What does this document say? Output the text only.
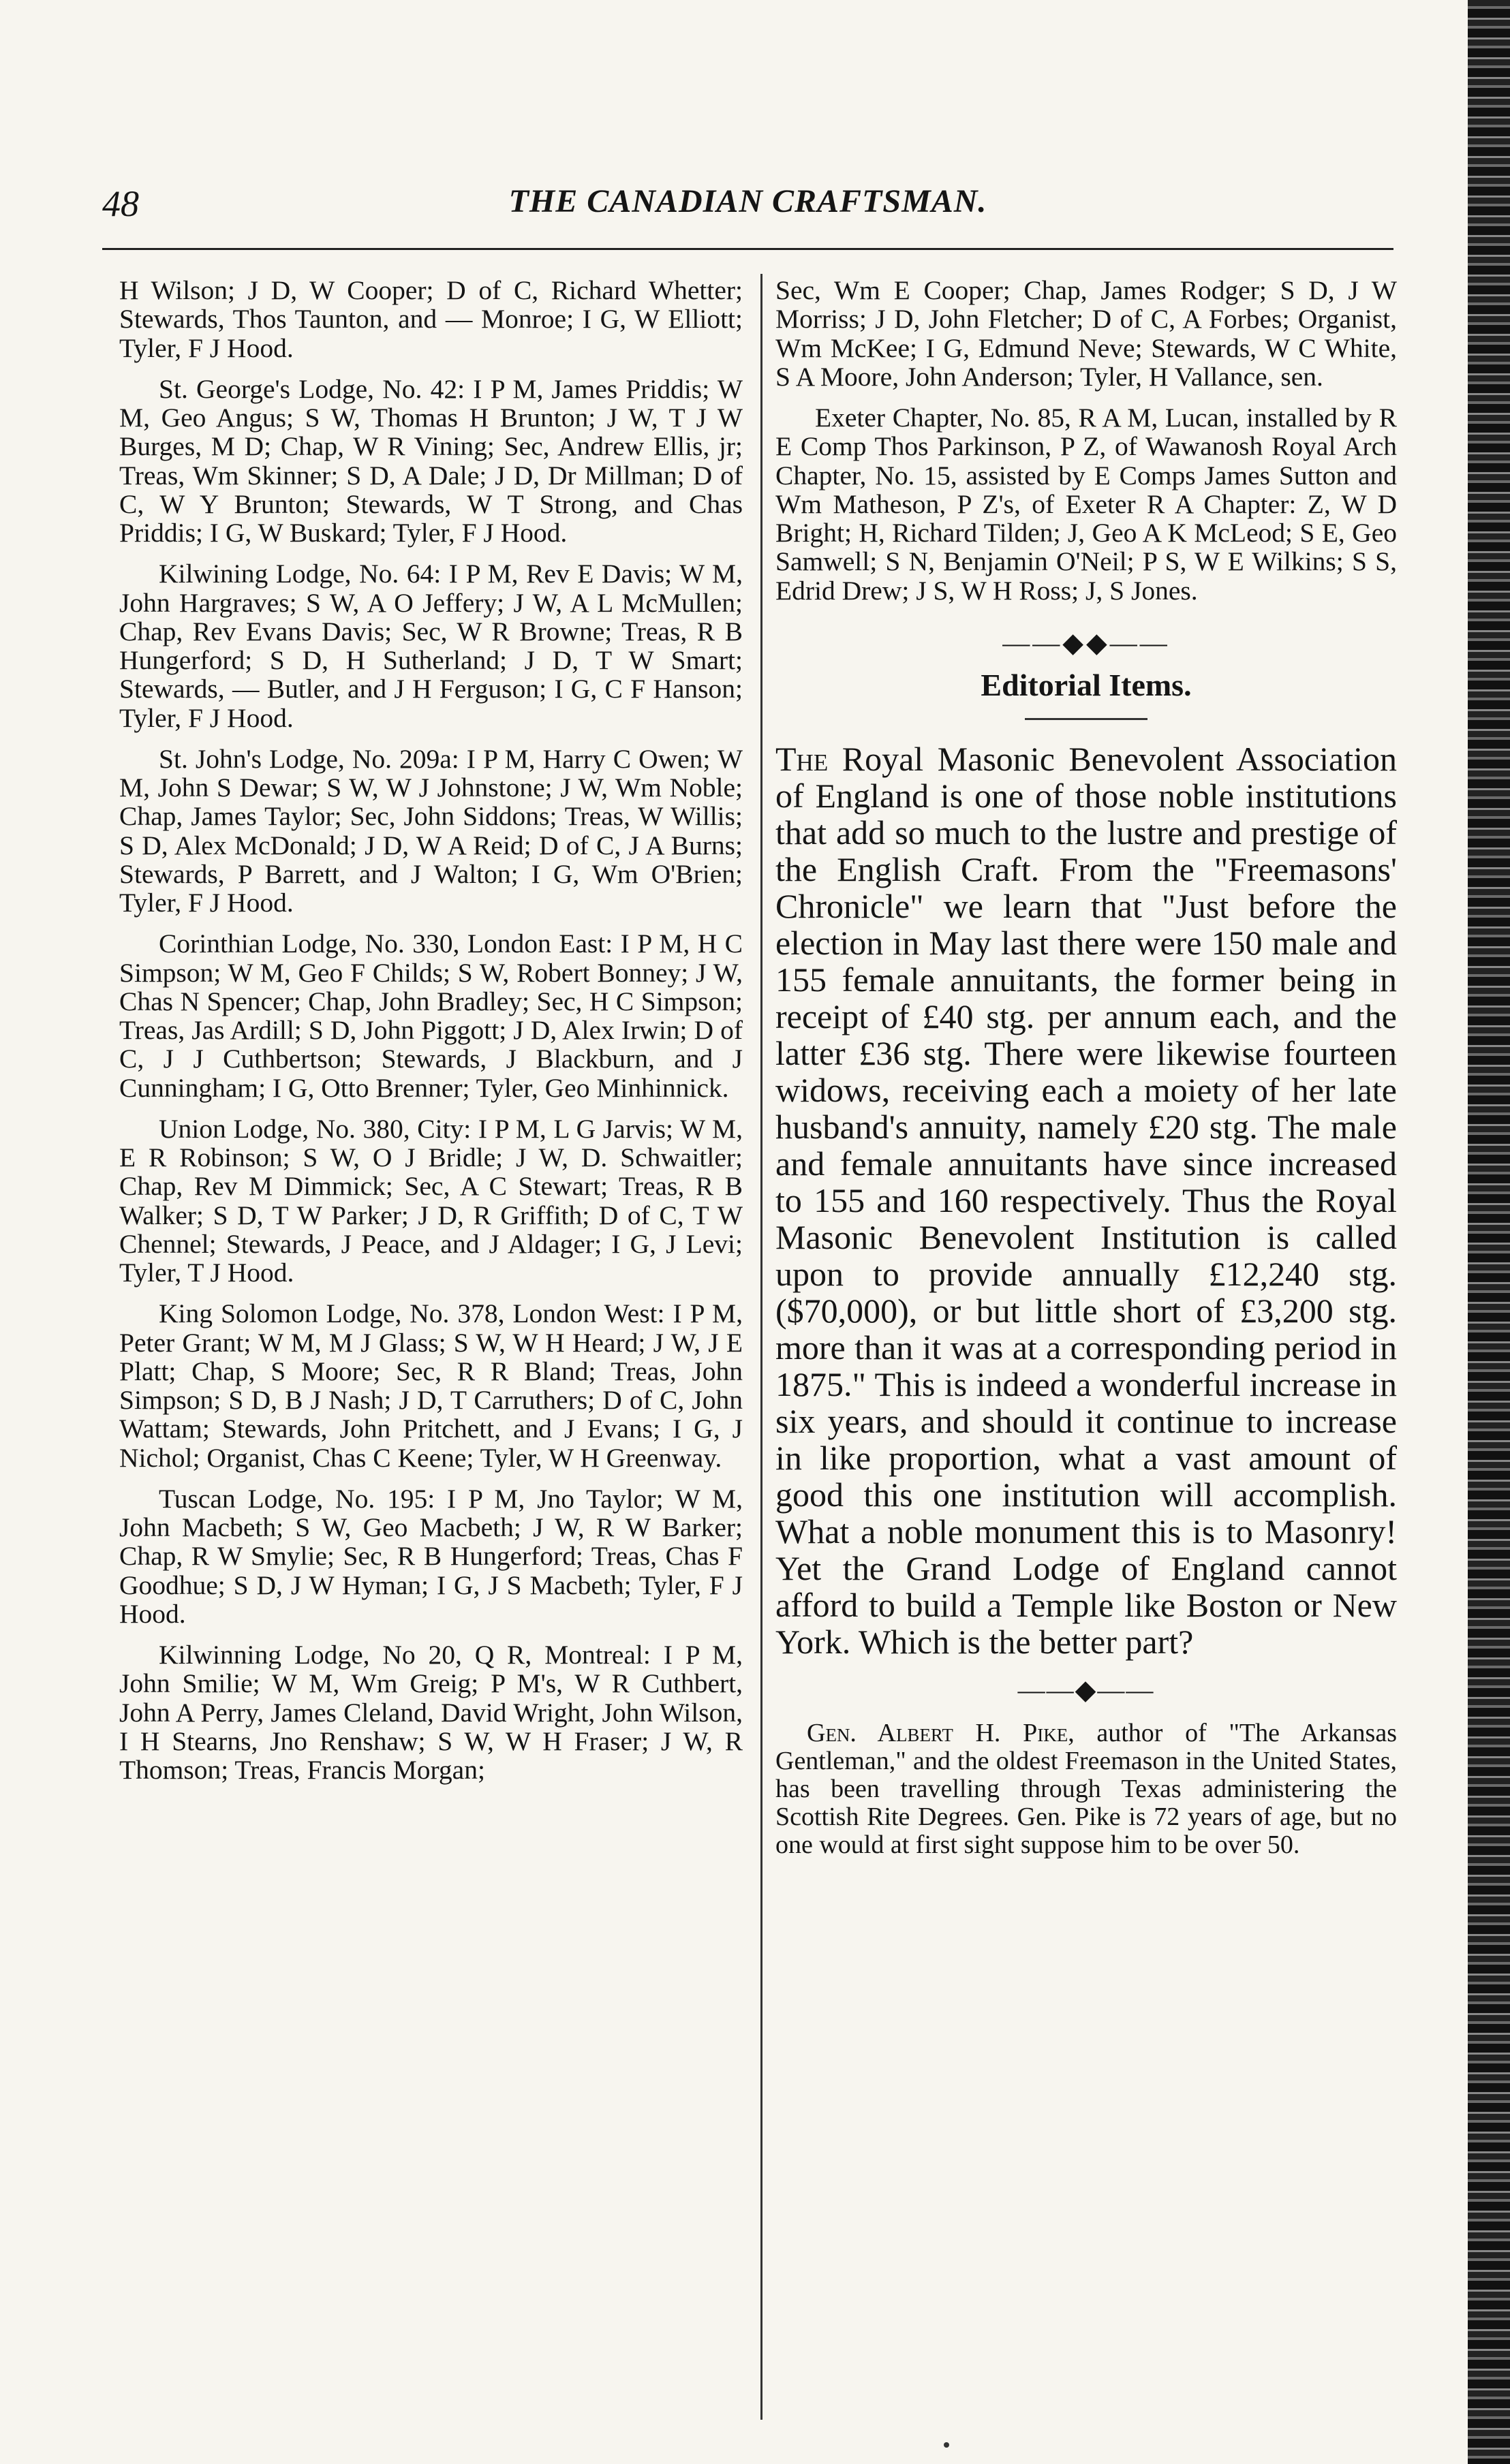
48	THE CANADIAN CRAFTSMAN.

H Wilson; J D, W Cooper; D of C, Richard Whetter; Stewards, Thos Taunton, and — Monroe; I G, W Elliott; Tyler, F J Hood.

St. George's Lodge, No. 42: I P M, James Priddis; W M, Geo Angus; S W, Thomas H Brunton; J W, T J W Burges, M D; Chap, W R Vining; Sec, Andrew Ellis, jr; Treas, Wm Skinner; S D, A Dale; J D, Dr Millman; D of C, W Y Brunton; Stewards, W T Strong, and Chas Priddis; I G, W Buskard; Tyler, F J Hood.

Kilwining Lodge, No. 64: I P M, Rev E Davis; W M, John Hargraves; S W, A O Jeffery; J W, A L McMullen; Chap, Rev Evans Davis; Sec, W R Browne; Treas, R B Hungerford; S D, H Sutherland; J D, T W Smart; Stewards, — Butler, and J H Ferguson; I G, C F Hanson; Tyler, F J Hood.

St. John's Lodge, No. 209a: I P M, Harry C Owen; W M, John S Dewar; S W, W J Johnstone; J W, Wm Noble; Chap, James Taylor; Sec, John Siddons; Treas, W Willis; S D, Alex McDonald; J D, W A Reid; D of C, J A Burns; Stewards, P Barrett, and J Walton; I G, Wm O'Brien; Tyler, F J Hood.

Corinthian Lodge, No. 330, London East: I P M, H C Simpson; W M, Geo F Childs; S W, Robert Bonney; J W, Chas N Spencer; Chap, John Bradley; Sec, H C Simpson; Treas, Jas Ardill; S D, John Piggott; J D, Alex Irwin; D of C, J J Cuthbertson; Stewards, J Blackburn, and J Cunningham; I G, Otto Brenner; Tyler, Geo Minhinnick.

Union Lodge, No. 380, City: I P M, L G Jarvis; W M, E R Robinson; S W, O J Bridle; J W, D. Schwaitler; Chap, Rev M Dimmick; Sec, A C Stewart; Treas, R B Walker; S D, T W Parker; J D, R Griffith; D of C, T W Chennel; Stewards, J Peace, and J Aldager; I G, J Levi; Tyler, T J Hood.

King Solomon Lodge, No. 378, London West: I P M, Peter Grant; W M, M J Glass; S W, W H Heard; J W, J E Platt; Chap, S Moore; Sec, R R Bland; Treas, John Simpson; S D, B J Nash; J D, T Carruthers; D of C, John Wattam; Stewards, John Pritchett, and J Evans; I G, J Nichol; Organist, Chas C Keene; Tyler, W H Greenway.

Tuscan Lodge, No. 195: I P M, Jno Taylor; W M, John Macbeth; S W, Geo Macbeth; J W, R W Barker; Chap, R W Smylie; Sec, R B Hungerford; Treas, Chas F Goodhue; S D, J W Hyman; I G, J S Macbeth; Tyler, F J Hood.

Kilwinning Lodge, No 20, Q R, Montreal: I P M, John Smilie; W M, Wm Greig; P M's, W R Cuthbert, John A Perry, James Cleland, David Wright, John Wilson, I H Stearns, Jno Renshaw; S W, W H Fraser; J W, R Thomson; Treas, Francis Morgan;

Sec, Wm E Cooper; Chap, James Rodger; S D, J W Morriss; J D, John Fletcher; D of C, A Forbes; Organist, Wm McKee; I G, Edmund Neve; Stewards, W C White, S A Moore, John Anderson; Tyler, H Vallance, sen.

Exeter Chapter, No. 85, R A M, Lucan, installed by R E Comp Thos Parkinson, P Z, of Wawanosh Royal Arch Chapter, No. 15, assisted by E Comps James Sutton and Wm Matheson, P Z's, of Exeter R A Chapter: Z, W D Bright; H, Richard Tilden; J, Geo A K McLeod; S E, Geo Samwell; S N, Benjamin O'Neil; P S, W E Wilkins; S S, Edrid Drew; J S, W H Ross; J, S Jones.

——◆◆——
Editorial Items.

The Royal Masonic Benevolent Association of England is one of those noble institutions that add so much to the lustre and prestige of the English Craft. From the "Freemasons' Chronicle" we learn that "Just before the election in May last there were 150 male and 155 female annuitants, the former being in receipt of £40 stg. per annum each, and the latter £36 stg. There were likewise fourteen widows, receiving each a moiety of her late husband's annuity, namely £20 stg. The male and female annuitants have since increased to 155 and 160 respectively. Thus the Royal Masonic Benevolent Institution is called upon to provide annually £12,240 stg. ($70,000), or but little short of £3,200 stg. more than it was at a corresponding period in 1875." This is indeed a wonderful increase in six years, and should it continue to increase in like proportion, what a vast amount of good this one institution will accomplish. What a noble monument this is to Masonry! Yet the Grand Lodge of England cannot afford to build a Temple like Boston or New York. Which is the better part?

——◆——

Gen. Albert H. Pike, author of "The Arkansas Gentleman," and the oldest Freemason in the United States, has been travelling through Texas administering the Scottish Rite Degrees. Gen. Pike is 72 years of age, but no one would at first sight suppose him to be over 50.
